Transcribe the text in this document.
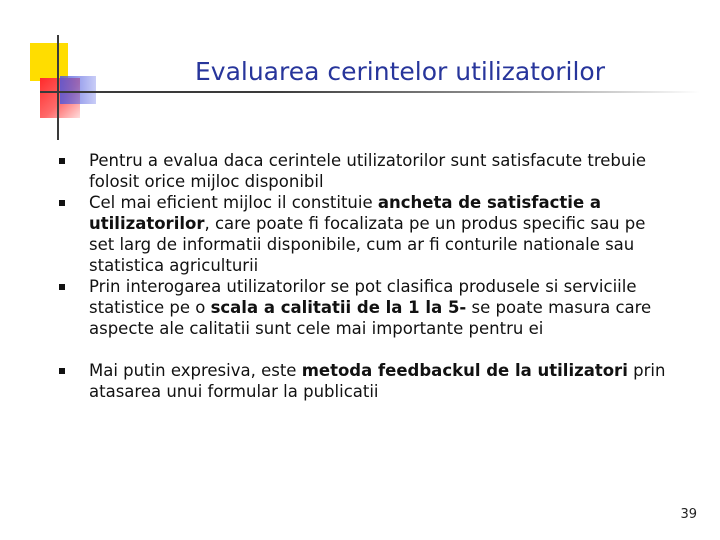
Evaluarea cerintelor utilizatorilor
Pentru a evalua daca cerintele utilizatorilor sunt satisfacute trebuie folosit orice mijloc disponibil
Cel mai eficient mijloc il constituie ancheta de satisfactie a utilizatorilor, care poate fi focalizata pe un produs specific sau pe set larg de informatii disponibile, cum ar fi conturile nationale sau statistica agriculturii
Prin interogarea utilizatorilor se pot clasifica produsele si serviciile statistice pe o scala a calitatii de la 1 la 5- se poate masura care aspecte ale calitatii sunt cele mai importante pentru ei
Mai putin expresiva, este metoda feedbackul de la utilizatori prin atasarea unui formular la publicatii
39
